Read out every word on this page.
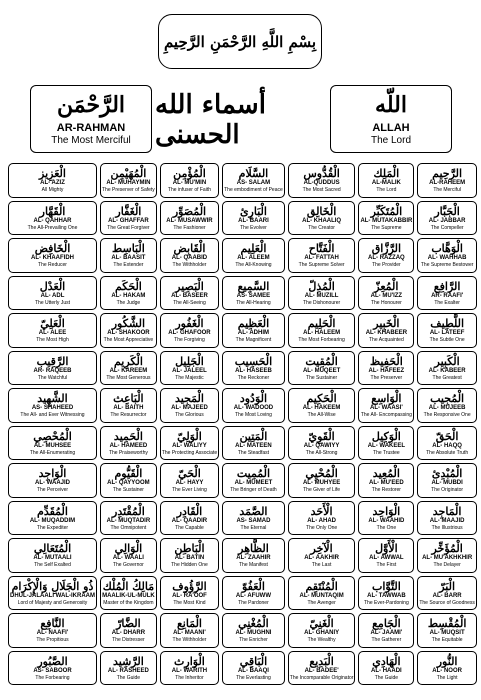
بِسْمِ اللَّهِ الرَّحْمَنِ الرَّحِيمِ
الرَّحْمَن
AR-RAHMAN
The Most Merciful
أسماء الله الحسنى
اللّه
ALLAH
The Lord
الْعَزِيز
AL- AZIZ
All Mighty
الْمُهَيْمِن
AL- MUHAYMIN
The Preserver of Safety
الْمُؤْمِن
AL- MU'MIN
The infuser of Faith
السَّلَام
AS- SALAM
The embodiment of Peace
الْقُدُّوس
AL-QUDDUS
The Most Sacred
الْمَلِك
AL-MALIK
The Lord
الرَّحِيم
AL-RAHEEM
The Merciful
الْقَهَّار
AL- QAHHAR
The All-Prevailing One
الْغَفَّار
AL- GHAFFAR
The Great Forgiver
الْمُصَوِّر
AL- MUSAWWIR
The Fashioner
الْبَارِئ
AL- BAARI
The Evolver
الْخَالِق
AL- KHAALIQ
The Creator
الْمُتَكَبِّر
AL- MUTAKABBIR
The Supreme
الْجَبَّار
AL- JABBAR
The Compeller
الْخَافِض
AL- KHAAFIDH
The Reducer
الْبَاسِط
AL- BAASIT
The Extender
الْقَابِض
AL- QAABID
The Withholder
الْعَلِيم
AL- ALEEM
The All-Knowing
الْفَتَّاح
AL- FATTAH
The Supreme Solver
الرَّزَّاق
AL- RAZZAQ
The Provider
الْوَهَّاب
AL- WAHHAB
The Supreme Bestower
الْعَدْل
AL- ADL
The Utterly Just
الْحَكَم
AL- HAKAM
The Judge
الْبَصِير
AL- BASEER
The All-Seeing
السَّمِيع
AS- SAMEE
The All-Hearing
الْمُذِلّ
AL- MUZILL
The Dishonourer
الْمُعِزّ
AL- MU'IZZ
The Honourer
الرَّافِع
AR- RAAFI'
The Exalter
الْعَلِيّ
AL- ALEE
The Most High
الشَّكُور
AL- SHAKOOR
The Most Appreciative
الْغَفُور
AL- GHAFOOR
The Forgiving
الْعَظِيم
AL- ADHIM
The Magnificent
الْحَلِيم
AL- HALEEM
The Most Forbearing
الْخَبِير
AL- KHABEER
The Acquainted
اللَّطِيف
AL- LATEEF
The Subtle One
الرَّقِيب
AR- RAQEEB
The Watchful
الْكَرِيم
AL- KAREEM
The Most Generous
الْجَلِيل
AL- JALEEL
The Majestic
الْحَسِيب
AL- HASEEB
The Reckoner
الْمُقِيت
AL- MUQEET
The Sustainer
الْحَفِيظ
AL- HAFEEZ
The Preserver
الْكَبِير
AL- KABEER
The Greatest
الشَّهِيد
AS- SHAHEED
The All- and Ever Witnessing
الْبَاعِث
AL- BAITH
The Resurrector
الْمَجِيد
AL- MAJEED
The Glorious
الْوَدُود
AL- WADOOD
The Most Loving
الْحَكِيم
AL- HAKEEM
The All-Wise
الْوَاسِع
AL- WAASI'
The All- Encompassing
الْمُجِيب
AL- MUJEEB
The Responsive One
الْمُحْصِي
AL- MUHSEE
The All-Enumerating
الْحَمِيد
AL- HAMEED
The Praiseworthy
الْوَلِيّ
AL- WALIYY
The Protecting Associate
الْمَتِين
AL- MATEEN
The Steadfast
الْقَوِيّ
AL- QAWIYY
The All-Strong
الْوَكِيل
AL- WAKEEL
The Trustee
الْحَقّ
AL- HAQQ
The Absolute Truth
الْوَاجِد
AL- WAAJID
The Perceiver
الْقَيُّوم
AL- QAYYOOM
The Sustainer
الْحَيّ
AL- HAYY
The Ever Living
الْمُمِيت
AL- MUMEET
The Bringer of Death
الْمُحْيِي
AL- MUHYEE
The Giver of Life
الْمُعِيد
AL- MU'EED
The Restorer
الْمُبْدِئ
AL- MUBDI
The Originator
الْمُقَدِّم
AL- MUQADDIM
The Expediter
الْمُقْتَدِر
AL- MUQTADIR
The Omnipotent
الْقَادِر
AL- QAADIR
The Capable
الصَّمَد
AS- SAMAD
The Eternal
الْأَحَد
AL- AHAD
The Only One
الْوَاحِد
AL- WAAHID
The One
الْمَاجِد
AL- MAAJID
The Illustrious
الْمُتَعَالِي
AL- MUTAALI
The Self Exalted
الْوَالِي
AL- WAALI
The Governor
الْبَاطِن
AL- BATIN
The Hidden One
الظَّاهِر
AL- ZAAHIR
The Manifest
الْآخِر
AL- AAKHIR
The Last
الْأَوَّل
AL- AWWAL
The First
الْمُؤَخِّر
AL- MU'AKHKHIR
The Delayer
ذُو الْجَلَالِ وَالْإِكْرَام
DHUL-JALAALI WAL-IKRAAM
Lord of Majesty and Generosity
مَالِكُ الْمُلْك
MAALIK-UL-MULK
Master of the Kingdom
الرَّؤُوف
AL- RA'OOF
The Most Kind
الْعَفُوّ
AL- AFUWW
The Pardoner
الْمُنْتَقِم
AL- MUNTAQIM
The Avenger
التَّوَّاب
AL- TAWWAB
The Ever-Pardoning
الْبَرّ
AL- BARR
The Source of Goodness
النَّافِع
AL- NAAFI'
The Propitious
الضَّارّ
AL- DHARR
The Distresser
الْمَانِع
AL- MAANI'
The Withholder
الْمُغْنِي
AL- MUGHNI
The Enricher
الْغَنِيّ
AL- GHANIY
The Wealthy
الْجَامِع
AL- JAAMI'
The Gatherer
الْمُقْسِط
AL- MUQSIT
The Equitable
الصَّبُور
AS- SABOOR
The Forbearing
الرَّشِيد
AL- RASHEED
The Guide
الْوَارِث
AL- WARITH
The Inheritor
الْبَاقِي
AL- BAAQI
The Everlasting
الْبَدِيع
AL- BADEE'
The Incomparable Originator
الْهَادِي
AL- HAADI
The Guide
النُّور
AL- NOOR
The Light
